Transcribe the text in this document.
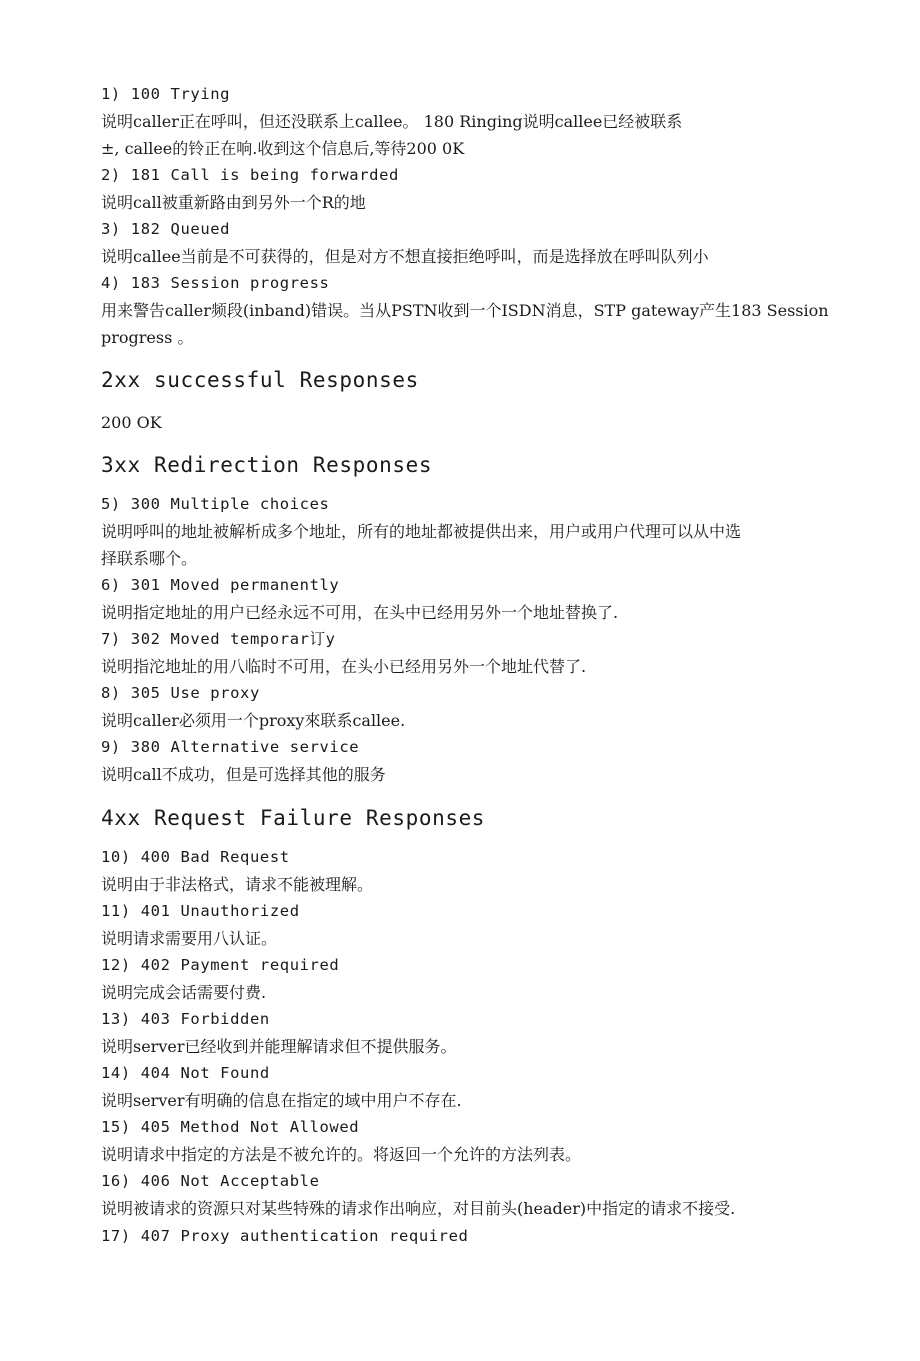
1) 100 Trying
说明caller正在呼叫，但还没联系上callee。 180 Ringing说明callee已经被联系
±, callee的铃正在响.收到这个信息后,等待200 0K
2) 181 Call is being forwarded
说明call被重新路由到另外一个R的地
3) 182 Queued
说明callee当前是不可获得的，但是对方不想直接拒绝呼叫，而是选择放在呼叫队列小
4) 183 Session progress
用来警告caller频段(inband)错误。当从PSTN收到一个ISDN消息，STP gateway产生183 Session
progress 。
2xx successful Responses
200 OK
3xx Redirection Responses
5) 300 Multiple choices
说明呼叫的地址被解析成多个地址，所有的地址都被提供出来，用户或用户代理可以从中选
择联系哪个。
6) 301 Moved permanently
说明指定地址的用户已经永远不可用，在头中已经用另外一个地址替换了.
7) 302 Moved temporar订y
说明指沱地址的用八临时不可用，在头小已经用另外一个地址代替了.
8) 305 Use proxy
说明caller必须用一个proxy來联系callee.
9) 380 Alternative service
说明call不成功，但是可选择其他的服务
4xx Request Failure Responses
10) 400 Bad Request
说明由于非法格式，请求不能被理解。
11) 401 Unauthorized
说明请求需要用八认证。
12) 402 Payment required
说明完成会话需要付费.
13) 403 Forbidden
说明server已经收到并能理解请求但不提供服务。
14) 404 Not Found
说明server有明确的信息在指定的域中用户不存在.
15) 405 Method Not Allowed
说明请求中指定的方法是不被允许的。将返回一个允许的方法列表。
16) 406 Not Acceptable
说明被请求的资源只对某些特殊的请求作出响应，对目前头(header)中指定的请求不接受.
17) 407 Proxy authentication required
